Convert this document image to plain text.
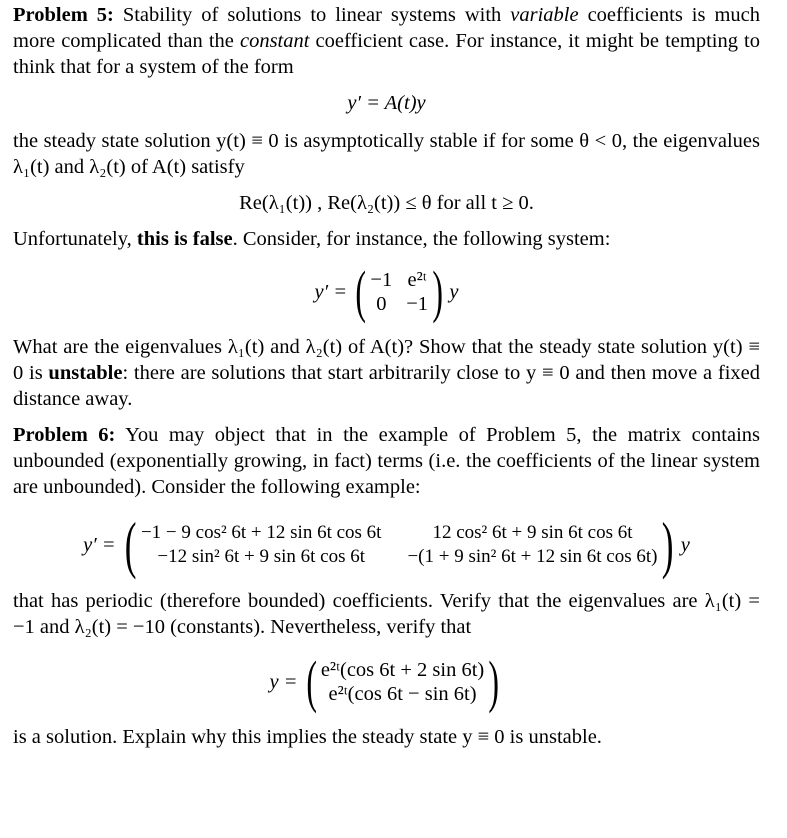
Problem 5: Stability of solutions to linear systems with variable coefficients is much more complicated than the constant coefficient case. For instance, it might be tempting to think that for a system of the form

y′ = A(t)y

the steady state solution y(t) ≡ 0 is asymptotically stable if for some θ < 0, the eigenvalues λ₁(t) and λ₂(t) of A(t) satisfy

Re(λ₁(t)) , Re(λ₂(t)) ≤ θ for all t ≥ 0.

Unfortunately, this is false. Consider, for instance, the following system:

y′ = ( −1 e²ᵗ
0 −1 ) y

What are the eigenvalues λ₁(t) and λ₂(t) of A(t)? Show that the steady state solution y(t) ≡ 0 is unstable: there are solutions that start arbitrarily close to y ≡ 0 and then move a fixed distance away.

Problem 6: You may object that in the example of Problem 5, the matrix contains unbounded (exponentially growing, in fact) terms (i.e. the coefficients of the linear system are unbounded). Consider the following example:

y′ = ( −1 − 9 cos² 6t + 12 sin 6t cos 6t	12 cos² 6t + 9 sin 6t cos 6t
−12 sin² 6t + 9 sin 6t cos 6t	−(1 + 9 sin² 6t + 12 sin 6t cos 6t) ) y

that has periodic (therefore bounded) coefficients. Verify that the eigenvalues are λ₁(t) = −1 and λ₂(t) = −10 (constants). Nevertheless, verify that

y = ( e²ᵗ(cos 6t + 2 sin 6t)
e²ᵗ(cos 6t − sin 6t) )

is a solution. Explain why this implies the steady state y ≡ 0 is unstable.
